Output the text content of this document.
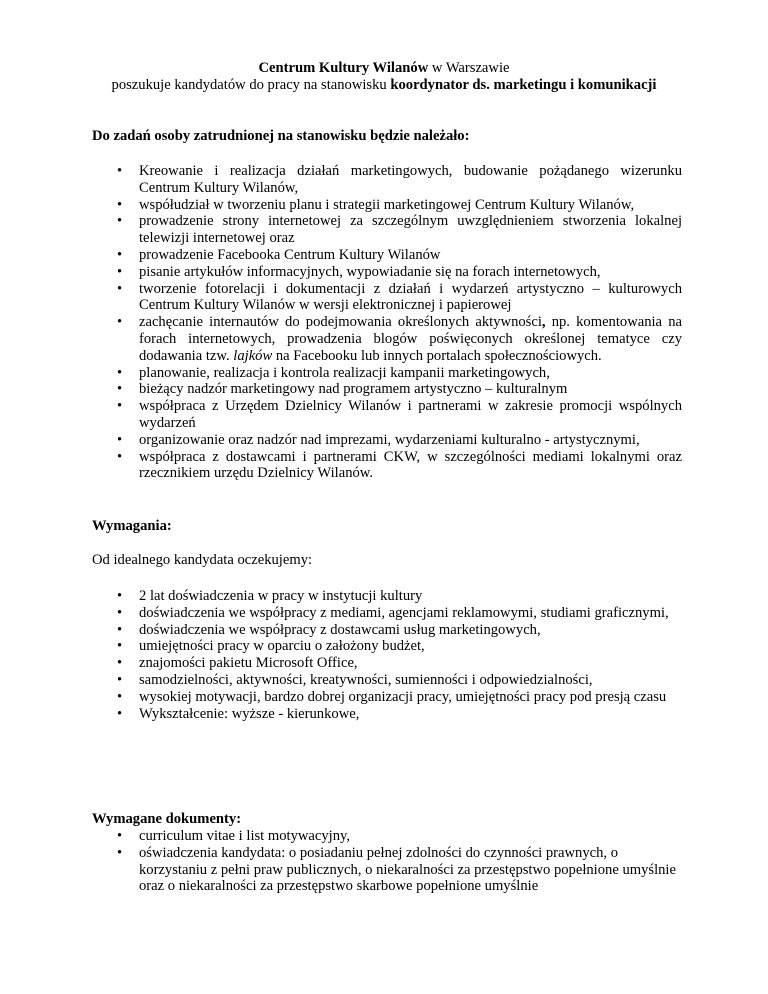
Centrum Kultury Wilanów w Warszawie
poszukuje kandydatów do pracy na stanowisku koordynator ds. marketingu i komunikacji
Do zadań osoby zatrudnionej na stanowisku będzie należało:
• Kreowanie i realizacja działań marketingowych, budowanie pożądanego wizerunku Centrum Kultury Wilanów,
• współudział w tworzeniu planu i strategii marketingowej Centrum Kultury Wilanów,
• prowadzenie strony internetowej za szczególnym uwzględnieniem stworzenia lokalnej telewizji internetowej oraz
• prowadzenie Facebooka Centrum Kultury Wilanów
• pisanie artykułów informacyjnych, wypowiadanie się na forach internetowych,
• tworzenie fotorelacji i dokumentacji z działań i wydarzeń artystyczno – kulturowych Centrum Kultury Wilanów w wersji elektronicznej i papierowej
• zachęcanie internautów do podejmowania określonych aktywności, np. komentowania na forach internetowych, prowadzenia blogów poświęconych określonej tematyce czy dodawania tzw. lajków na Facebooku lub innych portalach społecznościowych.
• planowanie, realizacja i kontrola realizacji kampanii marketingowych,
• bieżący nadzór marketingowy nad programem artystyczno – kulturalnym
• współpraca z Urzędem Dzielnicy Wilanów i partnerami w zakresie promocji wspólnych wydarzeń
• organizowanie oraz nadzór nad imprezami, wydarzeniami kulturalno - artystycznymi,
• współpraca z dostawcami i partnerami CKW, w szczególności mediami lokalnymi oraz rzecznikiem urzędu Dzielnicy Wilanów.
Wymagania:
Od idealnego kandydata oczekujemy:
• 2 lat doświadczenia w pracy w instytucji kultury
• doświadczenia we współpracy z mediami, agencjami reklamowymi, studiami graficznymi,
• doświadczenia we współpracy z dostawcami usług marketingowych,
• umiejętności pracy w oparciu o założony budżet,
• znajomości pakietu Microsoft Office,
• samodzielności, aktywności, kreatywności, sumienności i odpowiedzialności,
• wysokiej motywacji, bardzo dobrej organizacji pracy, umiejętności pracy pod presją czasu
• Wykształcenie: wyższe - kierunkowe,
Wymagane dokumenty:
• curriculum vitae i list motywacyjny,
• oświadczenia kandydata: o posiadaniu pełnej zdolności do czynności prawnych, o korzystaniu z pełni praw publicznych, o niekaralności za przestępstwo popełnione umyślnie oraz o niekaralności za przestępstwo skarbowe popełnione umyślnie
